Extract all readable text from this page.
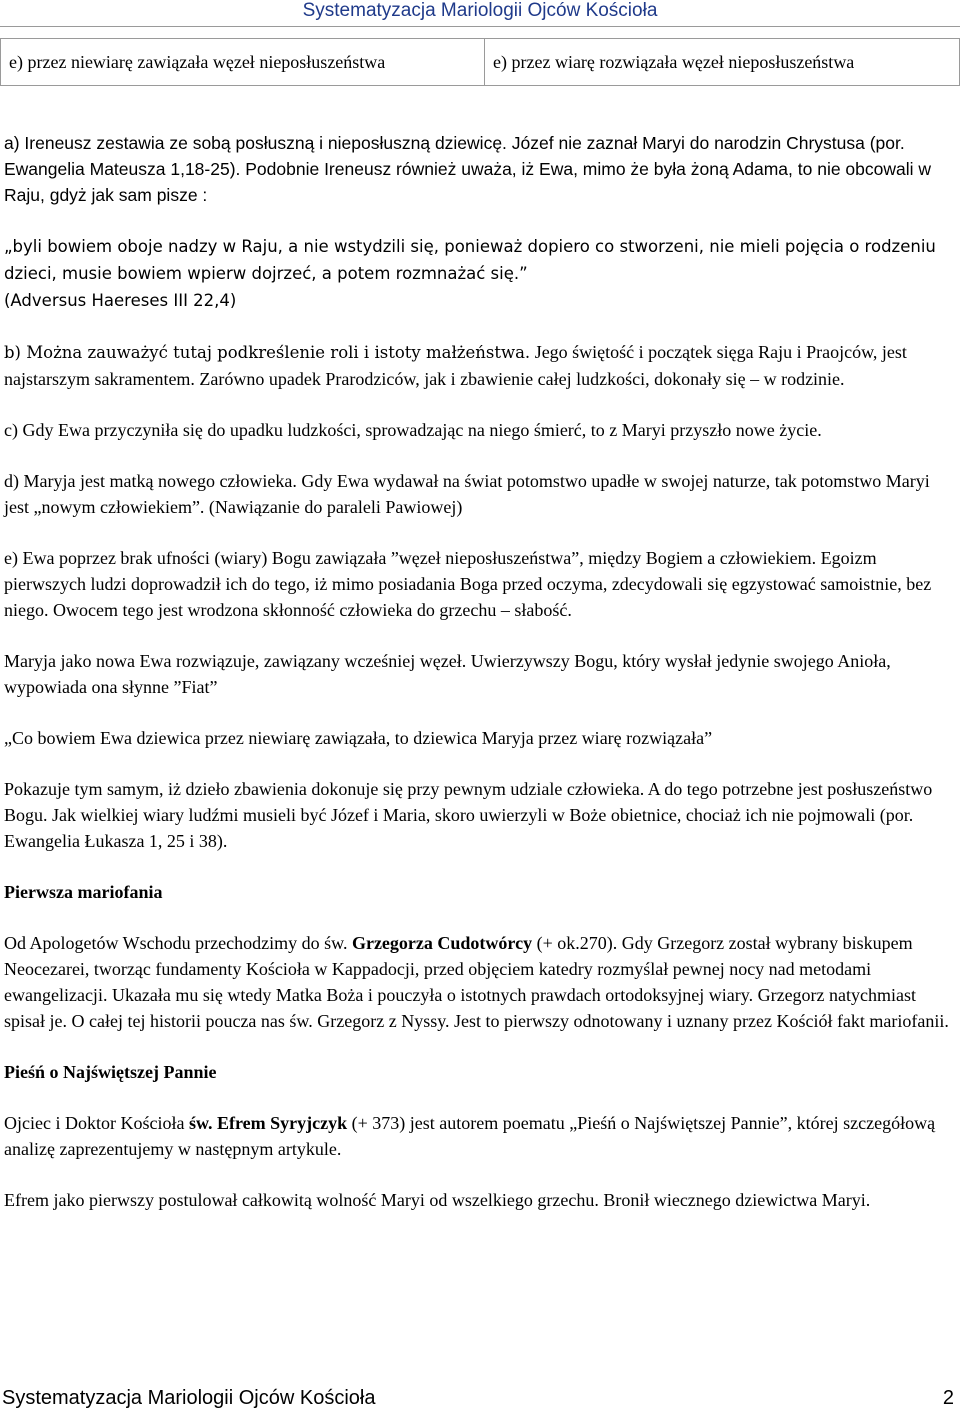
Systematyzacja Mariologii Ojców Kościoła
e) przez niewiarę zawiązała węzeł nieposłuszeństwa	e) przez wiarę rozwiązała węzeł nieposłuszeństwa

a) Ireneusz zestawia ze sobą posłuszną i nieposłuszną dziewicę. Józef nie zaznał Maryi do narodzin Chrystusa (por. Ewangelia Mateusza 1,18-25). Podobnie Ireneusz również uważa, iż Ewa, mimo że była żoną Adama, to nie obcowali w Raju, gdyż jak sam pisze :

„byli bowiem oboje nadzy w Raju, a nie wstydzili się, ponieważ dopiero co stworzeni, nie mieli pojęcia o rodzeniu dzieci, musie bowiem wpierw dojrzeć, a potem rozmnażać się.”

(Adversus Haereses III 22,4)

b) Można zauważyć tutaj podkreślenie roli i istoty małżeństwa. Jego świętość i początek sięga Raju i Praojców, jest najstarszym sakramentem. Zarówno upadek Prarodziców, jak i zbawienie całej ludzkości, dokonały się – w rodzinie.

c) Gdy Ewa przyczyniła się do upadku ludzkości, sprowadzając na niego śmierć, to z Maryi przyszło nowe życie.

d) Maryja jest matką nowego człowieka. Gdy Ewa wydawał na świat potomstwo upadłe w swojej naturze, tak potomstwo Maryi jest „nowym człowiekiem”. (Nawiązanie do paraleli Pawiowej)

e) Ewa poprzez brak ufności (wiary) Bogu zawiązała ”węzeł nieposłuszeństwa”, między Bogiem a człowiekiem. Egoizm pierwszych ludzi doprowadził ich do tego, iż mimo posiadania Boga przed oczyma, zdecydowali się egzystować samoistnie, bez niego. Owocem tego jest wrodzona skłonność człowieka do grzechu – słabość.

Maryja jako nowa Ewa rozwiązuje, zawiązany wcześniej węzeł. Uwierzywszy Bogu, który wysłał jedynie swojego Anioła, wypowiada ona słynne ”Fiat”

„Co bowiem Ewa dziewica przez niewiarę zawiązała, to dziewica Maryja przez wiarę rozwiązała”

Pokazuje tym samym, iż dzieło zbawienia dokonuje się przy pewnym udziale człowieka. A do tego potrzebne jest posłuszeństwo Bogu. Jak wielkiej wiary ludźmi musieli być Józef i Maria, skoro uwierzyli w Boże obietnice, chociaż ich nie pojmowali (por. Ewangelia Łukasza 1, 25 i 38).

Pierwsza mariofania

Od Apologetów Wschodu przechodzimy do św. Grzegorza Cudotwórcy (+ ok.270). Gdy Grzegorz został wybrany biskupem Neocezarei, tworząc fundamenty Kościoła w Kappadocji, przed objęciem katedry rozmyślał pewnej nocy nad metodami ewangelizacji. Ukazała mu się wtedy Matka Boża i pouczyła o istotnych prawdach ortodoksyjnej wiary. Grzegorz natychmiast spisał je. O całej tej historii poucza nas św. Grzegorz z Nyssy. Jest to pierwszy odnotowany i uznany przez Kościół fakt mariofanii.

Pieśń o Najświętszej Pannie

Ojciec i Doktor Kościoła św. Efrem Syryjczyk (+ 373) jest autorem poematu „Pieśń o Najświętszej Pannie”, której szczegółową analizę zaprezentujemy w następnym artykule.

Efrem jako pierwszy postulował całkowitą wolność Maryi od wszelkiego grzechu. Bronił wiecznego dziewictwa Maryi.

Systematyzacja Mariologii Ojców Kościoła	2
